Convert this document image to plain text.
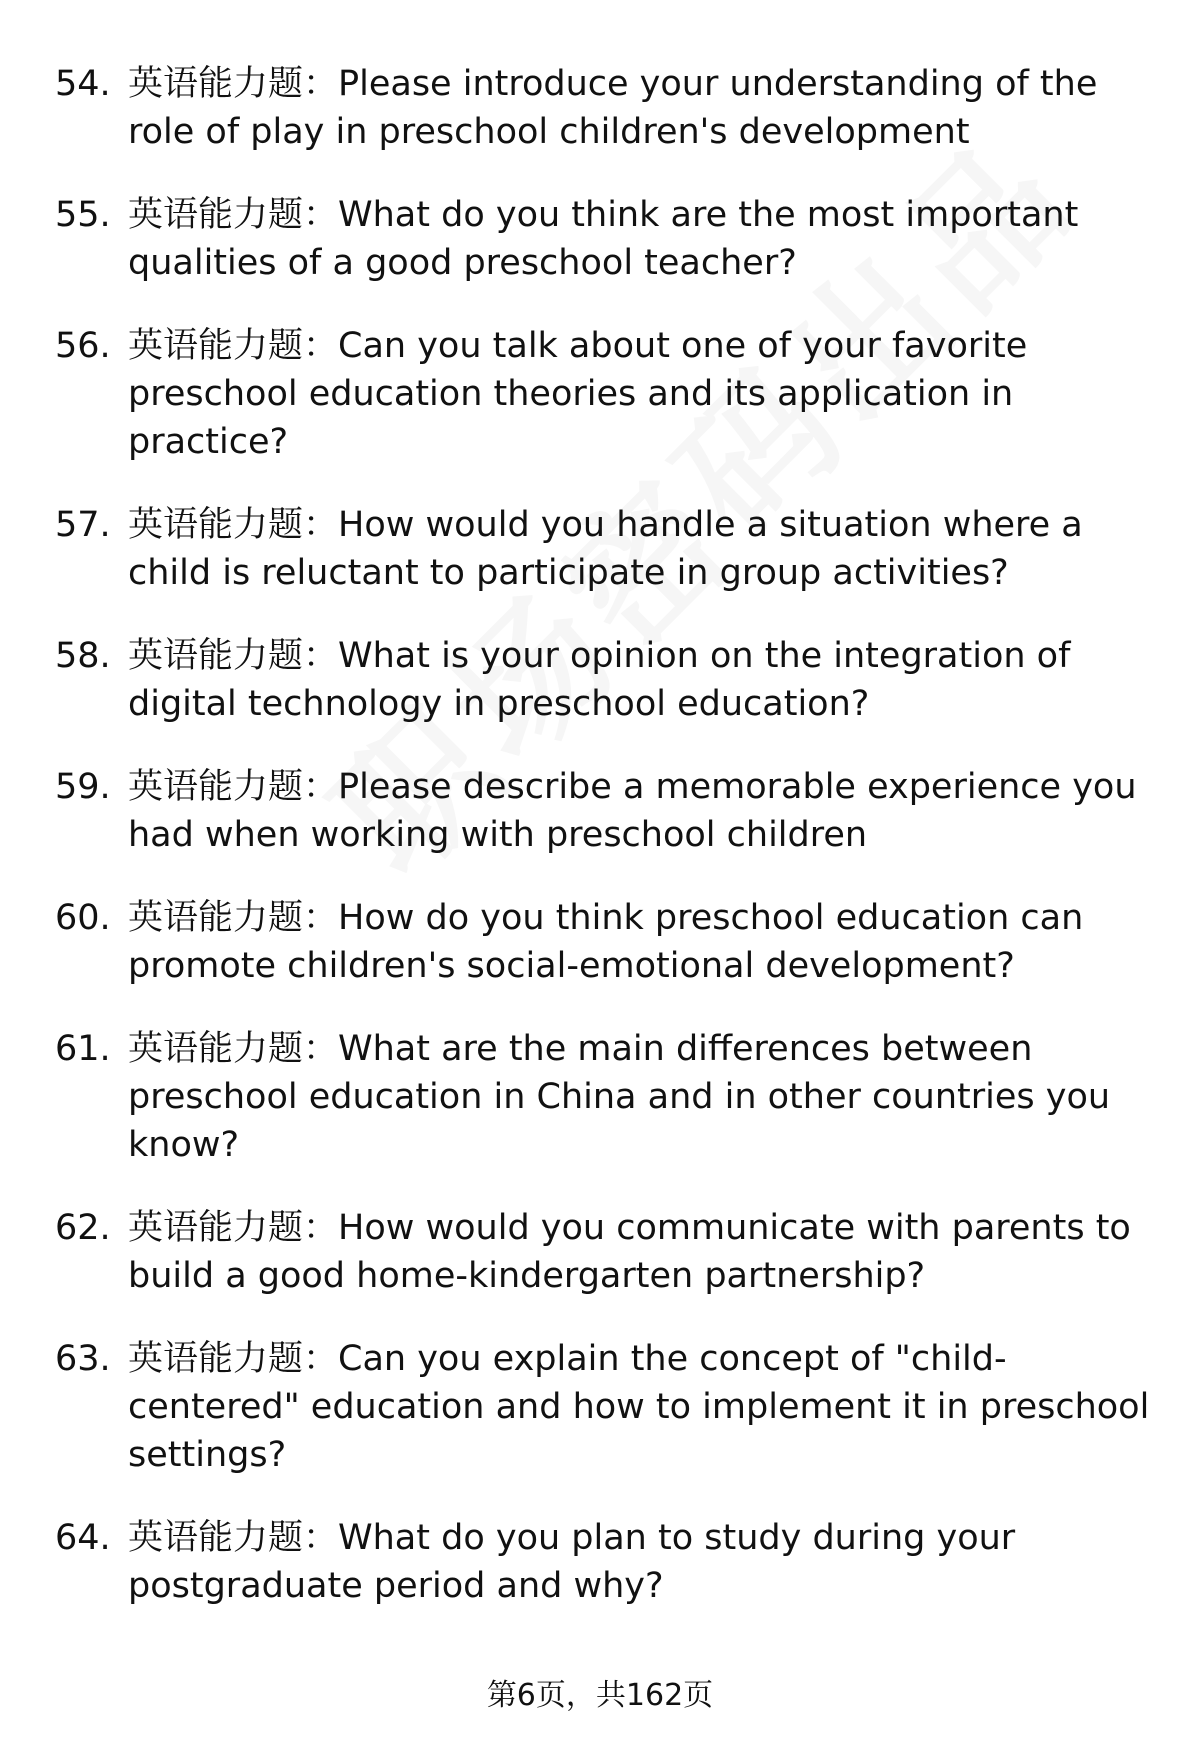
54. 英语能力题：Please introduce your understanding of the role of play in preschool children's development
55. 英语能力题：What do you think are the most important qualities of a good preschool teacher?
56. 英语能力题：Can you talk about one of your favorite preschool education theories and its application in practice?
57. 英语能力题：How would you handle a situation where a child is reluctant to participate in group activities?
58. 英语能力题：What is your opinion on the integration of digital technology in preschool education?
59. 英语能力题：Please describe a memorable experience you had when working with preschool children
60. 英语能力题：How do you think preschool education can promote children's social-emotional development?
61. 英语能力题：What are the main differences between preschool education in China and in other countries you know?
62. 英语能力题：How would you communicate with parents to build a good home-kindergarten partnership?
63. 英语能力题：Can you explain the concept of "child-centered" education and how to implement it in preschool settings?
64. 英语能力题：What do you plan to study during your postgraduate period and why?
第6页，共162页
